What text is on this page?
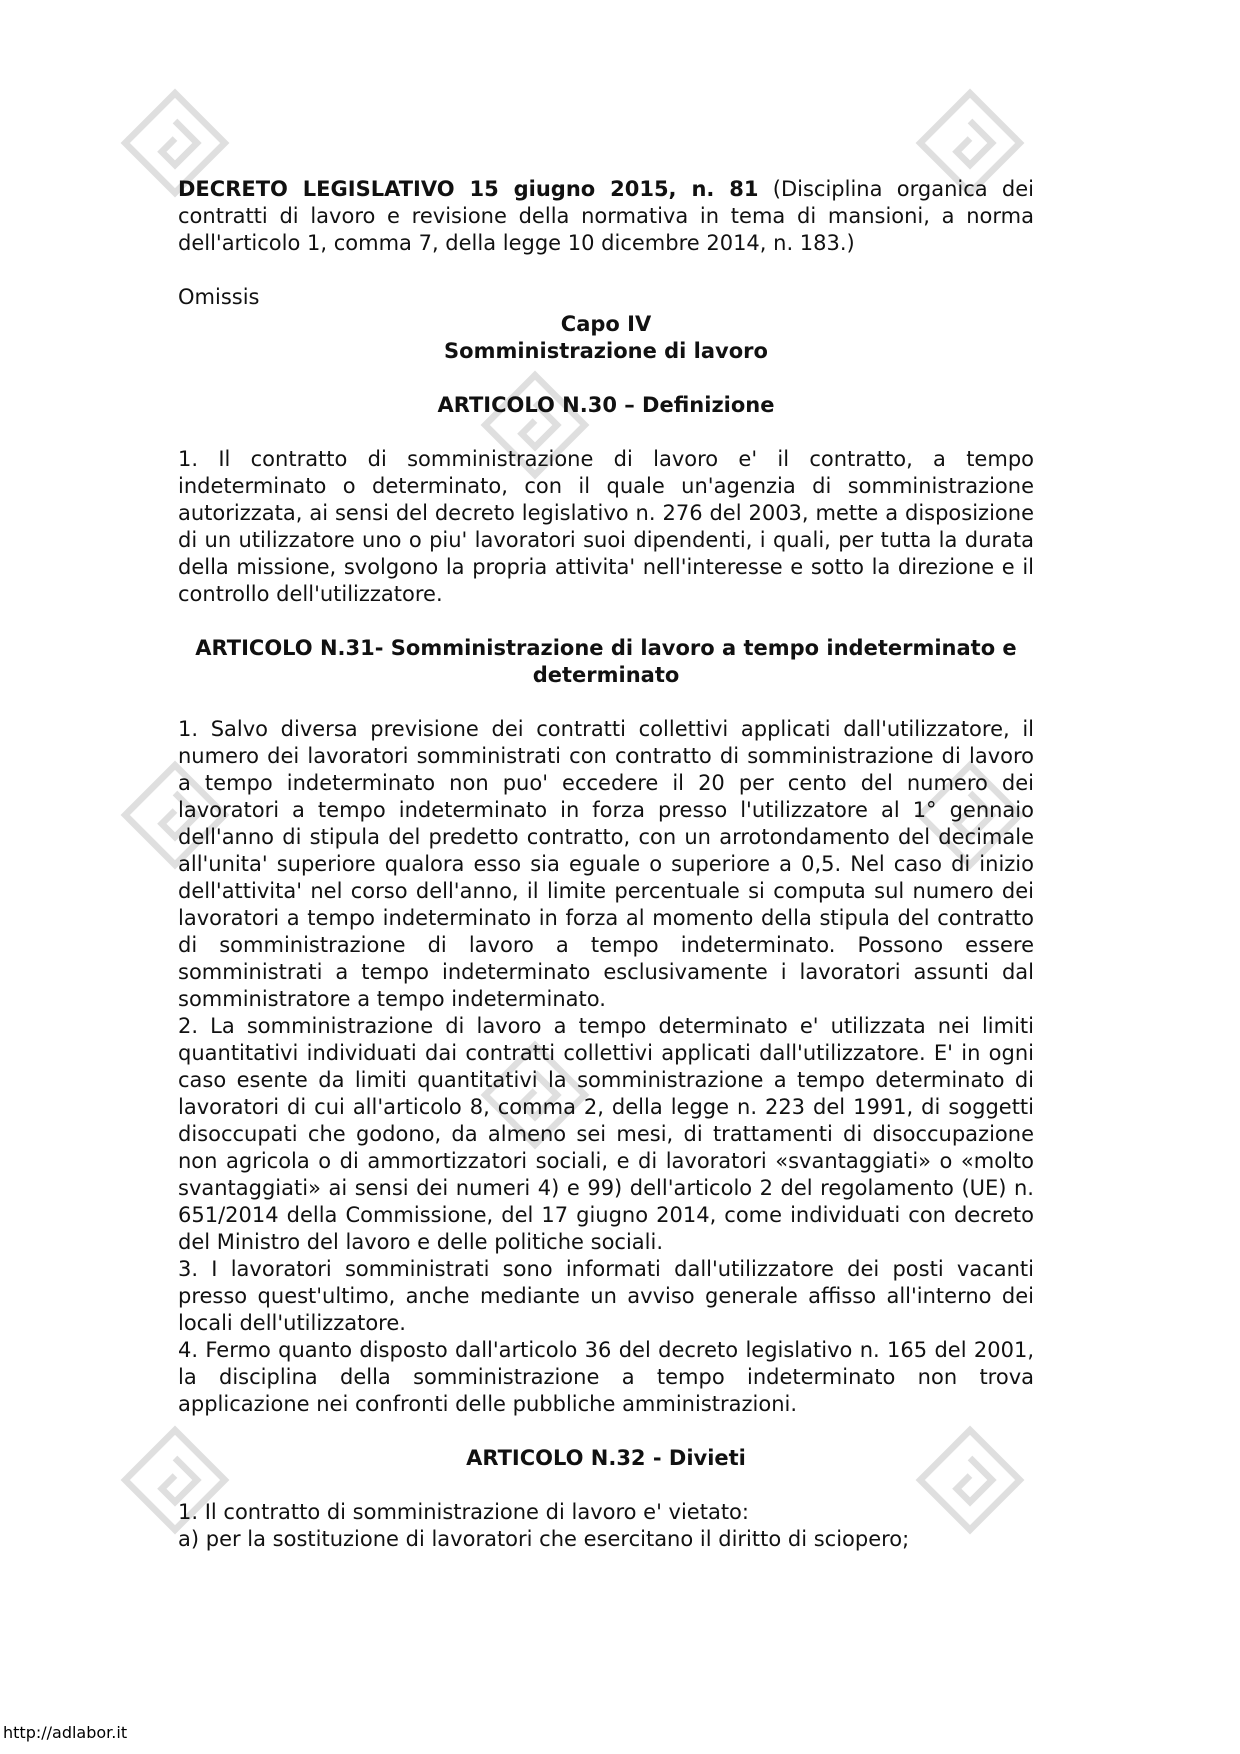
DECRETO LEGISLATIVO 15 giugno 2015, n. 81 (Disciplina organica dei contratti di lavoro e revisione della normativa in tema di mansioni, a norma dell'articolo 1, comma 7, della legge 10 dicembre 2014, n. 183.)

Omissis

Capo IV

Somministrazione di lavoro

ARTICOLO N.30 – Definizione

1. Il contratto di somministrazione di lavoro e' il contratto, a tempo indeterminato o determinato, con il quale un'agenzia di somministrazione autorizzata, ai sensi del decreto legislativo n. 276 del 2003, mette a disposizione di un utilizzatore uno o piu' lavoratori suoi dipendenti, i quali, per tutta la durata della missione, svolgono la propria attivita' nell'interesse e sotto la direzione e il controllo dell'utilizzatore.

ARTICOLO N.31- Somministrazione di lavoro a tempo indeterminato e determinato

1. Salvo diversa previsione dei contratti collettivi applicati dall'utilizzatore, il numero dei lavoratori somministrati con contratto di somministrazione di lavoro a tempo indeterminato non puo' eccedere il 20 per cento del numero dei lavoratori a tempo indeterminato in forza presso l'utilizzatore al 1° gennaio dell'anno di stipula del predetto contratto, con un arrotondamento del decimale all'unita' superiore qualora esso sia eguale o superiore a 0,5. Nel caso di inizio dell'attivita' nel corso dell'anno, il limite percentuale si computa sul numero dei lavoratori a tempo indeterminato in forza al momento della stipula del contratto di somministrazione di lavoro a tempo indeterminato. Possono essere somministrati a tempo indeterminato esclusivamente i lavoratori assunti dal somministratore a tempo indeterminato.

2. La somministrazione di lavoro a tempo determinato e' utilizzata nei limiti quantitativi individuati dai contratti collettivi applicati dall'utilizzatore. E' in ogni caso esente da limiti quantitativi la somministrazione a tempo determinato di lavoratori di cui all'articolo 8, comma 2, della legge n. 223 del 1991, di soggetti disoccupati che godono, da almeno sei mesi, di trattamenti di disoccupazione non agricola o di ammortizzatori sociali, e di lavoratori «svantaggiati» o «molto svantaggiati» ai sensi dei numeri 4) e 99) dell'articolo 2 del regolamento (UE) n. 651/2014 della Commissione, del 17 giugno 2014, come individuati con decreto del Ministro del lavoro e delle politiche sociali.

3. I lavoratori somministrati sono informati dall'utilizzatore dei posti vacanti presso quest'ultimo, anche mediante un avviso generale affisso all'interno dei locali dell'utilizzatore.

4. Fermo quanto disposto dall'articolo 36 del decreto legislativo n. 165 del 2001, la disciplina della somministrazione a tempo indeterminato non trova applicazione nei confronti delle pubbliche amministrazioni.

ARTICOLO N.32 - Divieti

1. Il contratto di somministrazione di lavoro e' vietato:

a) per la sostituzione di lavoratori che esercitano il diritto di sciopero;

http://adlabor.it
